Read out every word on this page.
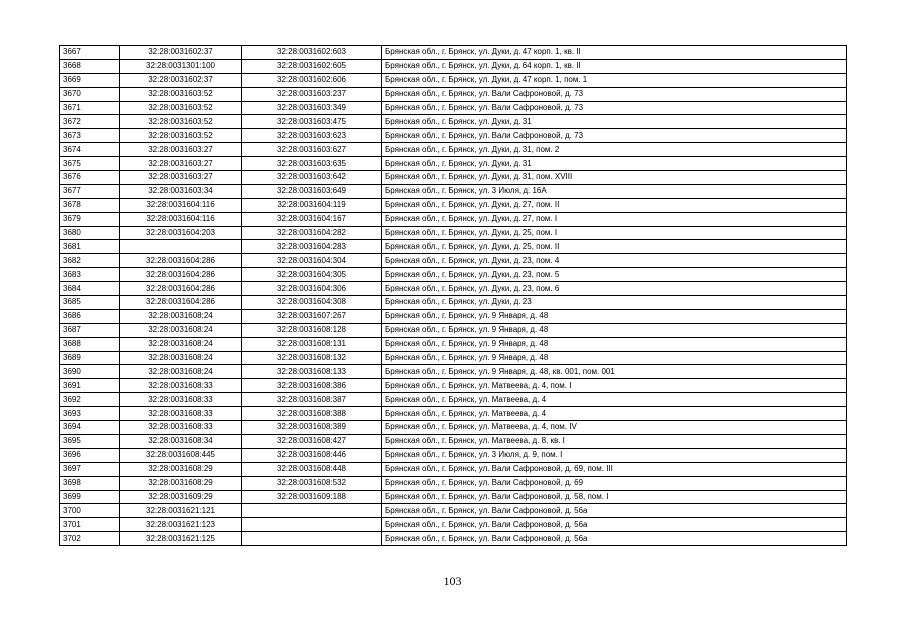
3667	32:28:0031602:37	32:28:0031602:603	Брянская обл., г. Брянск, ул. Дуки, д. 47 корп. 1, кв. II
3668	32:28:0031301:100	32:28:0031602:605	Брянская обл., г. Брянск, ул. Дуки, д. 64 корп. 1, кв. II
3669	32:28:0031602:37	32:28:0031602:606	Брянская обл., г. Брянск, ул. Дуки, д. 47 корп. 1, пом. 1
3670	32:28:0031603:52	32:28:0031603:237	Брянская обл., г. Брянск, ул. Вали Сафроновой, д. 73
3671	32:28:0031603:52	32:28:0031603:349	Брянская обл., г. Брянск, ул. Вали Сафроновой, д. 73
3672	32:28:0031603:52	32:28:0031603:475	Брянская обл., г. Брянск, ул. Дуки, д. 31
3673	32:28:0031603:52	32:28:0031603:623	Брянская обл., г. Брянск, ул. Вали Сафроновой, д. 73
3674	32:28:0031603:27	32:28:0031603:627	Брянская обл., г. Брянск, ул. Дуки, д. 31, пом. 2
3675	32:28:0031603:27	32:28:0031603:635	Брянская обл., г. Брянск, ул. Дуки, д. 31
3676	32:28:0031603:27	32:28:0031603:642	Брянская обл., г. Брянск, ул. Дуки, д. 31, пом. XVIII
3677	32:28:0031603:34	32:28:0031603:649	Брянская обл., г. Брянск, ул. 3 Июля, д. 16А
3678	32:28:0031604:116	32:28:0031604:119	Брянская обл., г. Брянск, ул. Дуки, д. 27, пом. II
3679	32:28:0031604:116	32:28:0031604:167	Брянская обл., г. Брянск, ул. Дуки, д. 27, пом. I
3680	32:28:0031604:203	32:28:0031604:282	Брянская обл., г. Брянск, ул. Дуки, д. 25, пом. I
3681		32:28:0031604:283	Брянская обл., г. Брянск, ул. Дуки, д. 25, пом. II
3682	32:28:0031604:286	32:28:0031604:304	Брянская обл., г. Брянск, ул. Дуки, д. 23, пом. 4
3683	32:28:0031604:286	32:28:0031604:305	Брянская обл., г. Брянск, ул. Дуки, д. 23, пом. 5
3684	32:28:0031604:286	32:28:0031604:306	Брянская обл., г. Брянск, ул. Дуки, д. 23, пом. 6
3685	32:28:0031604:286	32:28:0031604:308	Брянская обл., г. Брянск, ул. Дуки, д. 23
3686	32:28:0031608:24	32:28:0031607:267	Брянская обл., г. Брянск, ул. 9 Января, д. 48
3687	32:28:0031608:24	32:28:0031608:128	Брянская обл., г. Брянск, ул. 9 Января, д. 48
3688	32:28:0031608:24	32:28:0031608:131	Брянская обл., г. Брянск, ул. 9 Января, д. 48
3689	32:28:0031608:24	32:28:0031608:132	Брянская обл., г. Брянск, ул. 9 Января, д. 48
3690	32:28:0031608:24	32:28:0031608:133	Брянская обл., г. Брянск, ул. 9 Января, д. 48, кв. 001, пом. 001
3691	32:28:0031608:33	32:28:0031608:386	Брянская обл., г. Брянск, ул. Матвеева, д. 4, пом. I
3692	32:28:0031608:33	32:28:0031608:387	Брянская обл., г. Брянск, ул. Матвеева, д. 4
3693	32:28:0031608:33	32:28:0031608:388	Брянская обл., г. Брянск, ул. Матвеева, д. 4
3694	32:28:0031608:33	32:28:0031608:389	Брянская обл., г. Брянск, ул. Матвеева, д. 4, пом. IV
3695	32:28:0031608:34	32:28:0031608:427	Брянская обл., г. Брянск, ул. Матвеева, д. 8, кв. I
3696	32:28:0031608:445	32:28:0031608:446	Брянская обл., г. Брянск, ул. 3 Июля, д. 9, пом. I
3697	32:28:0031608:29	32:28:0031608:448	Брянская обл., г. Брянск, ул. Вали Сафроновой, д. 69, пом. III
3698	32:28:0031608:29	32:28:0031608:532	Брянская обл., г. Брянск, ул. Вали Сафроновой, д. 69
3699	32:28:0031609:29	32:28:0031609:188	Брянская обл., г. Брянск, ул. Вали Сафроновой, д. 58, пом. I
3700	32:28:0031621:121		Брянская обл., г. Брянск, ул. Вали Сафроновой, д. 56а
3701	32:28:0031621:123		Брянская обл., г. Брянск, ул. Вали Сафроновой, д. 56а
3702	32:28:0031621:125		Брянская обл., г. Брянск, ул. Вали Сафроновой, д. 56а
103
